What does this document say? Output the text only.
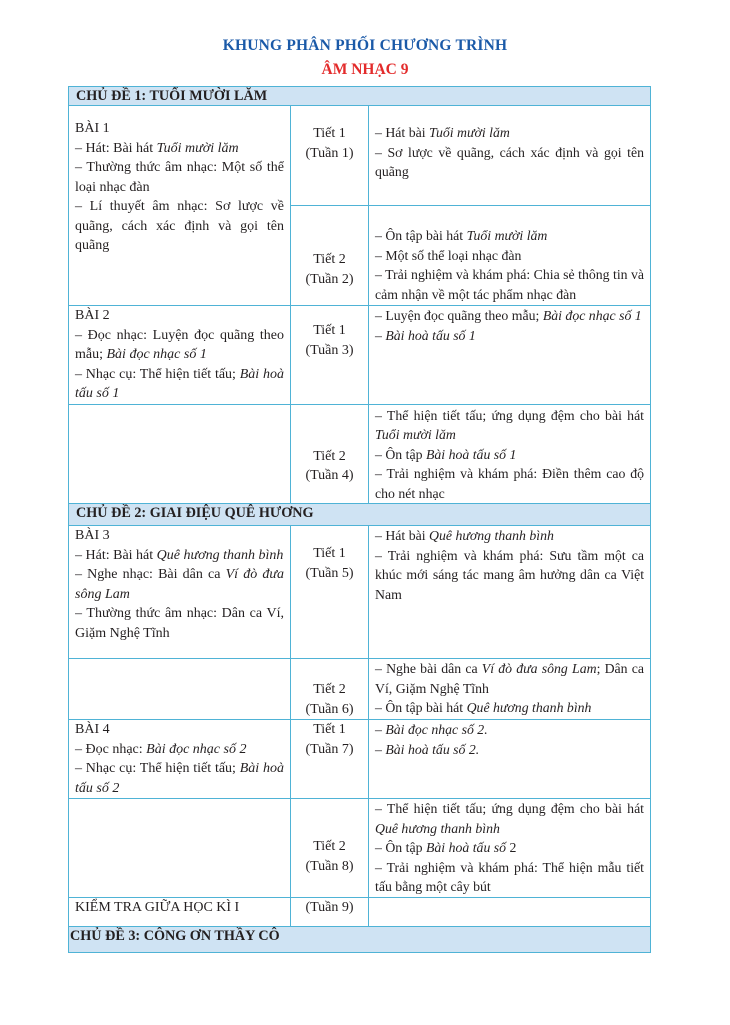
KHUNG PHÂN PHỐI CHƯƠNG TRÌNH
ÂM NHẠC 9
CHỦ ĐỀ 1: TUỔI MƯỜI LĂM		

BÀI 1
– Hát: Bài hát Tuổi mười lăm
– Thường thức âm nhạc: Một số thể loại nhạc đàn
– Lí thuyết âm nhạc: Sơ lược về quãng, cách xác định và gọi tên quãng	Tiết 1
(Tuần 1)	– Hát bài Tuổi mười lăm
– Sơ lược về quãng, cách xác định và gọi tên quãng

	Tiết 2
(Tuần 2)	– Ôn tập bài hát Tuổi mười lăm
– Một số thể loại nhạc đàn
– Trải nghiệm và khám phá: Chia sẻ thông tin và cảm nhận về một tác phẩm nhạc đàn

BÀI 2
– Đọc nhạc: Luyện đọc quãng theo mẫu; Bài đọc nhạc số 1
– Nhạc cụ: Thể hiện tiết tấu; Bài hoà tấu số 1	Tiết 1
(Tuần 3)	– Luyện đọc quãng theo mẫu; Bài đọc nhạc số 1
– Bài hoà tấu số 1

	Tiết 2
(Tuần 4)	– Thể hiện tiết tấu; ứng dụng đệm cho bài hát Tuổi mười lăm
– Ôn tập Bài hoà tấu số 1
– Trải nghiệm và khám phá: Điền thêm cao độ cho nét nhạc

CHỦ ĐỀ 2: GIAI ĐIỆU QUÊ HƯƠNG		

BÀI 3
– Hát: Bài hát Quê hương thanh bình
– Nghe nhạc: Bài dân ca Ví đò đưa sông Lam
– Thường thức âm nhạc: Dân ca Ví, Giặm Nghệ Tĩnh	Tiết 1
(Tuần 5)	– Hát bài Quê hương thanh bình
– Trải nghiệm và khám phá: Sưu tầm một ca khúc mới sáng tác mang âm hưởng dân ca Việt Nam

	Tiết 2
(Tuần 6)	– Nghe bài dân ca Ví đò đưa sông Lam; Dân ca Ví, Giặm Nghệ Tĩnh
– Ôn tập bài hát Quê hương thanh bình

BÀI 4
– Đọc nhạc: Bài đọc nhạc số 2
– Nhạc cụ: Thể hiện tiết tấu; Bài hoà tấu số 2	Tiết 1
(Tuần 7)	– Bài đọc nhạc số 2.
– Bài hoà tấu số 2.

	Tiết 2
(Tuần 8)	– Thể hiện tiết tấu; ứng dụng đệm cho bài hát Quê hương thanh bình
– Ôn tập Bài hoà tấu số 2
– Trải nghiệm và khám phá: Thể hiện mẫu tiết tấu bằng một cây bút

KIỂM TRA GIỮA HỌC KÌ I	(Tuần 9)	

CHỦ ĐỀ 3: CÔNG ƠN THẦY CÔ		
